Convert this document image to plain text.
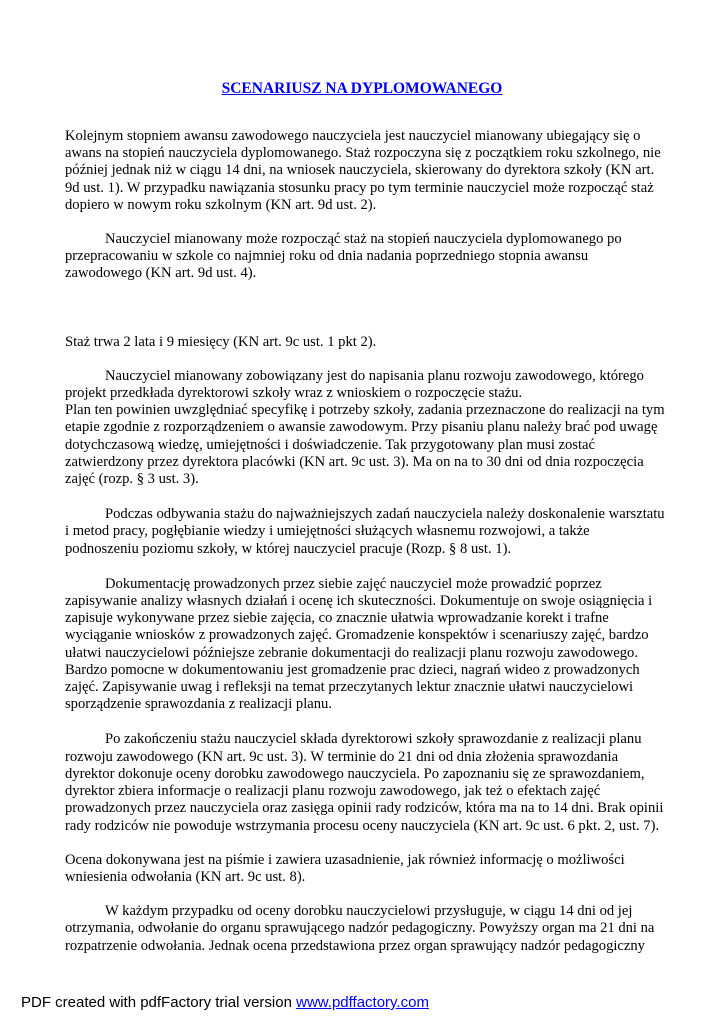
SCENARIUSZ NA DYPLOMOWANEGO

Kolejnym stopniem awansu zawodowego nauczyciela jest nauczyciel mianowany ubiegający się o awans na stopień nauczyciela dyplomowanego. Staż rozpoczyna się z początkiem roku szkolnego, nie później jednak niż w ciągu 14 dni, na wniosek nauczyciela, skierowany do dyrektora szkoły (KN art. 9d ust. 1). W przypadku nawiązania stosunku pracy po tym terminie nauczyciel może rozpocząć staż dopiero w nowym roku szkolnym (KN art. 9d ust. 2).

Nauczyciel mianowany może rozpocząć staż na stopień nauczyciela dyplomowanego po przepracowaniu w szkole co najmniej roku od dnia nadania poprzedniego stopnia awansu zawodowego (KN art. 9d ust. 4).

Staż trwa 2 lata i 9 miesięcy (KN art. 9c ust. 1 pkt 2).

Nauczyciel mianowany zobowiązany jest do napisania planu rozwoju zawodowego, którego projekt przedkłada dyrektorowi szkoły wraz z wnioskiem o rozpoczęcie stażu.

Plan ten powinien uwzględniać specyfikę i potrzeby szkoły, zadania przeznaczone do realizacji na tym etapie zgodnie z rozporządzeniem o awansie zawodowym. Przy pisaniu planu należy brać pod uwagę dotychczasową wiedzę, umiejętności i doświadczenie. Tak przygotowany plan musi zostać zatwierdzony przez dyrektora placówki (KN art. 9c ust. 3). Ma on na to 30 dni od dnia rozpoczęcia zajęć (rozp. § 3 ust. 3).

Podczas odbywania stażu do najważniejszych zadań nauczyciela należy doskonalenie warsztatu i metod pracy, pogłębianie wiedzy i umiejętności służących własnemu rozwojowi, a także podnoszeniu poziomu szkoły, w której nauczyciel pracuje (Rozp. § 8 ust. 1).

Dokumentację prowadzonych przez siebie zajęć nauczyciel może prowadzić poprzez zapisywanie analizy własnych działań i ocenę ich skuteczności. Dokumentuje on swoje osiągnięcia i zapisuje wykonywane przez siebie zajęcia, co znacznie ułatwia wprowadzanie korekt i trafne wyciąganie wniosków z prowadzonych zajęć. Gromadzenie konspektów i scenariuszy zajęć, bardzo ułatwi nauczycielowi późniejsze zebranie dokumentacji do realizacji planu rozwoju zawodowego. Bardzo pomocne w dokumentowaniu jest gromadzenie prac dzieci, nagrań wideo z prowadzonych zajęć. Zapisywanie uwag i refleksji na temat przeczytanych lektur znacznie ułatwi nauczycielowi sporządzenie sprawozdania z realizacji planu.

Po zakończeniu stażu nauczyciel składa dyrektorowi szkoły sprawozdanie z realizacji planu rozwoju zawodowego (KN art. 9c ust. 3). W terminie do 21 dni od dnia złożenia sprawozdania dyrektor dokonuje oceny dorobku zawodowego nauczyciela. Po zapoznaniu się ze sprawozdaniem, dyrektor zbiera informacje o realizacji planu rozwoju zawodowego, jak też o efektach zajęć prowadzonych przez nauczyciela oraz zasięga opinii rady rodziców, która ma na to 14 dni. Brak opinii rady rodziców nie powoduje wstrzymania procesu oceny nauczyciela (KN art. 9c ust. 6 pkt. 2, ust. 7).

Ocena dokonywana jest na piśmie i zawiera uzasadnienie, jak również informację o możliwości wniesienia odwołania (KN art. 9c ust. 8).

W każdym przypadku od oceny dorobku nauczycielowi przysługuje, w ciągu 14 dni od jej otrzymania, odwołanie do organu sprawującego nadzór pedagogiczny. Powyższy organ ma 21 dni na rozpatrzenie odwołania. Jednak ocena przedstawiona przez organ sprawujący nadzór pedagogiczny

PDF created with pdfFactory trial version www.pdffactory.com
